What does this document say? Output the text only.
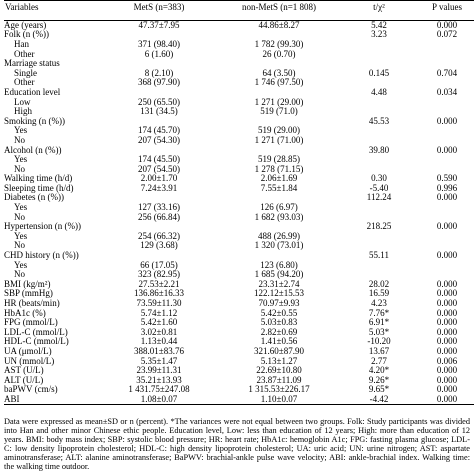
Variables	MetS (n=383)	non-MetS (n=1 808)	t/χ²	P values
Age (years)	47.37±7.95	44.86±8.27	5.42	0.000
Folk (n (%))			3.23	0.072
Han	371 (98.40)	1 782 (99.30)		
Other	6 (1.60)	26 (0.70)		
Marriage status				
Single	8 (2.10)	64 (3.50)	0.145	0.704
Other	368 (97.90)	1 746 (97.50)		
Education level			4.48	0.034
Low	250 (65.50)	1 271 (29.00)		
High	131 (34.5)	519 (71.0)		
Smoking (n (%))			45.53	0.000
Yes	174 (45.70)	519 (29.00)		
No	207 (54.30)	1 271 (71.00)		
Alcohol (n (%))			39.80	0.000
Yes	174 (45.50)	519 (28.85)		
No	207 (54.50)	1 278 (71.15)		
Walking time (h/d)	2.00±1.70	2.06±1.69	0.30	0.590
Sleeping time (h/d)	7.24±3.91	7.55±1.84	-5.40	0.996
Diabetes (n (%))			112.24	0.000
Yes	127 (33.16)	126 (6.97)		
No	256 (66.84)	1 682 (93.03)		
Hypertension (n (%))			218.25	0.000
Yes	254 (66.32)	488 (26.99)		
No	129 (3.68)	1 320 (73.01)		
CHD history (n (%))			55.11	0.000
Yes	66 (17.05)	123 (6.80)		
No	323 (82.95)	1 685 (94.20)		
BMI (kg/m²)	27.53±2.21	23.31±2.74	28.02	0.000
SBP (mmHg)	136.86±16.33	122.12±15.53	16.59	0.000
HR (beats/min)	73.59±11.30	70.97±9.93	4.23	0.000
HbA1c (%)	5.74±1.12	5.42±0.55	7.76*	0.000
FPG (mmol/L)	5.42±1.60	5.03±0.83	6.91*	0.000
LDL-C (mmol/L)	3.02±0.81	2.82±0.69	5.03*	0.000
HDL-C (mmol/L)	1.13±0.44	1.41±0.56	-10.20	0.000
UA (μmol/L)	388.01±83.76	321.60±87.90	13.67	0.000
UN (mmol/L)	5.35±1.47	5.13±1.27	2.77	0.006
AST (U/L)	23.99±11.31	22.69±10.80	4.20*	0.000
ALT (U/L)	35.21±13.93	23.87±11.09	9.26*	0.000
baPWV (cm/s)	1 431.75±247.08	1 315.53±226.17	9.65*	0.000
ABI	1.08±0.07	1.10±0.07	-4.42	0.000
Data were expressed as mean±SD or n (percent). *The variances were not equal between two groups. Folk: Study participants was divided into Han and other minor Chinese ethic people. Education level, Low: less than education of 12 years; High: more than education of 12 years. BMI: body mass index; SBP: systolic blood pressure; HR: heart rate; HbA1c: hemoglobin A1c; FPG: fasting plasma glucose; LDL-C: low density lipoprotein cholesterol; HDL-C: high density lipoprotein cholesterol; UA: uric acid; UN: urine nitrogen; AST: aspartate aminotransferase; ALT: alanine aminotransferase; BaPWV: brachial-ankle pulse wave velocity; ABI: ankle-brachial index. Walking time: the walking time outdoor.
